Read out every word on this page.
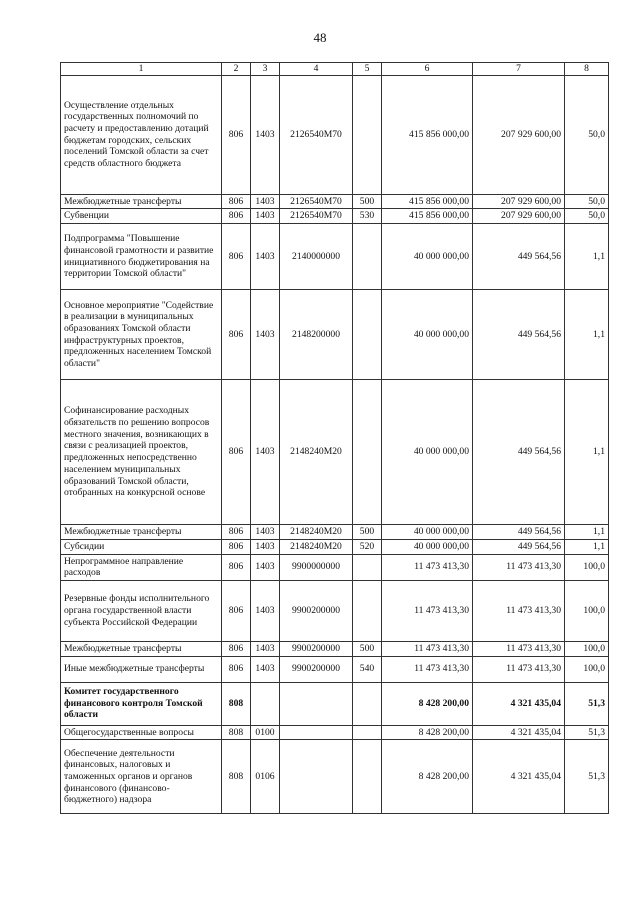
48
1	2	3	4	5	6	7	8
Осуществление отдельных государственных полномочий по расчету и предоставлению дотаций бюджетам городских, сельских поселений Томской области за счет средств областного бюджета	806	1403	2126540М70		415 856 000,00	207 929 600,00	50,0
Межбюджетные трансферты	806	1403	2126540М70	500	415 856 000,00	207 929 600,00	50,0
Субвенции	806	1403	2126540М70	530	415 856 000,00	207 929 600,00	50,0
Подпрограмма "Повышение финансовой грамотности и развитие инициативного бюджетирования на территории Томской области"	806	1403	2140000000		40 000 000,00	449 564,56	1,1
Основное мероприятие "Содействие в реализации в муниципальных образованиях Томской области инфраструктурных проектов, предложенных населением Томской области"	806	1403	2148200000		40 000 000,00	449 564,56	1,1
Софинансирование расходных обязательств по решению вопросов местного значения, возникающих в связи с реализацией проектов, предложенных непосредственно населением муниципальных образований Томской области, отобранных на конкурсной основе	806	1403	2148240М20		40 000 000,00	449 564,56	1,1
Межбюджетные трансферты	806	1403	2148240М20	500	40 000 000,00	449 564,56	1,1
Субсидии	806	1403	2148240М20	520	40 000 000,00	449 564,56	1,1
Непрограммное направление расходов	806	1403	9900000000		11 473 413,30	11 473 413,30	100,0
Резервные фонды исполнительного органа государственной власти субъекта Российской Федерации	806	1403	9900200000		11 473 413,30	11 473 413,30	100,0
Межбюджетные трансферты	806	1403	9900200000	500	11 473 413,30	11 473 413,30	100,0
Иные межбюджетные трансферты	806	1403	9900200000	540	11 473 413,30	11 473 413,30	100,0
Комитет государственного финансового контроля Томской области	808				8 428 200,00	4 321 435,04	51,3
Общегосударственные вопросы	808	0100			8 428 200,00	4 321 435,04	51,3
Обеспечение деятельности финансовых, налоговых и таможенных органов и органов финансового (финансово-бюджетного) надзора	808	0106			8 428 200,00	4 321 435,04	51,3
